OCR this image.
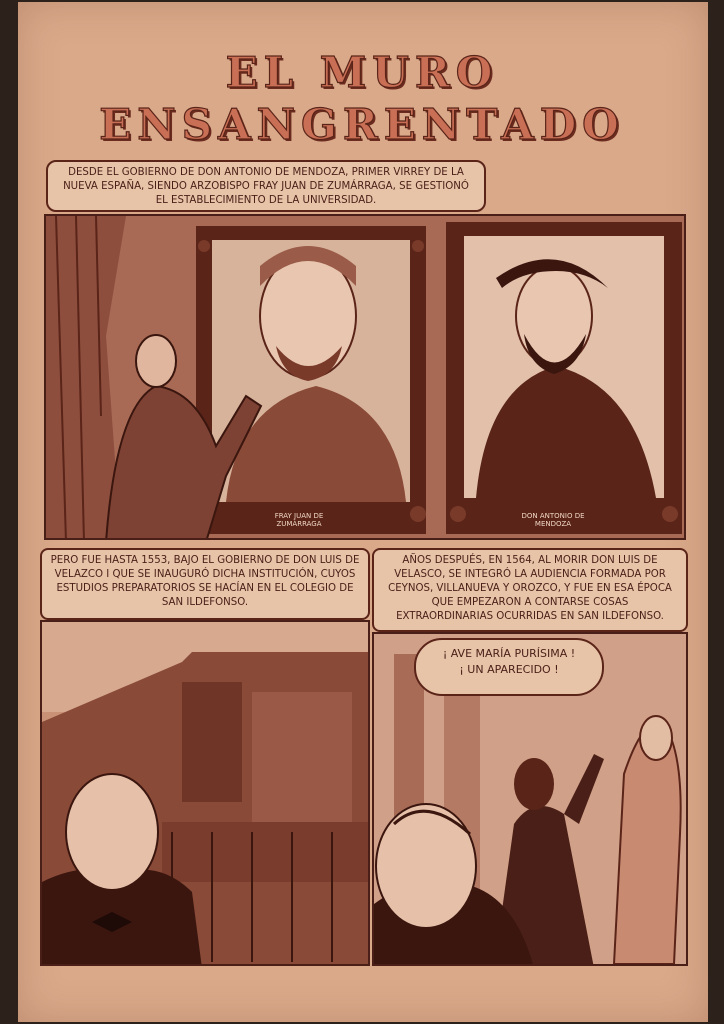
EL MURO
ENSANGRENTADO
DESDE EL GOBIERNO DE DON ANTONIO DE MENDOZA, PRIMER VIRREY DE LA NUEVA ESPAÑA, SIENDO ARZOBISPO FRAY JUAN DE ZUMÁRRAGA, SE GESTIONÓ EL ESTABLECIMIENTO DE LA UNIVERSIDAD.
FRAY JUAN DE ZUMÁRRAGA
DON ANTONIO DE MENDOZA
PERO FUE HASTA 1553, BAJO EL GOBIERNO DE DON LUIS DE VELAZCO I QUE SE INAUGURÓ DICHA INSTITUCIÓN, CUYOS ESTUDIOS PREPARATORIOS SE HACÍAN EN EL COLEGIO DE SAN ILDEFONSO.
AÑOS DESPUÉS, EN 1564, AL MORIR DON LUIS DE VELASCO, SE INTEGRÓ LA AUDIENCIA FORMADA POR CEYNOS, VILLANUEVA Y OROZCO, Y FUE EN ESA ÉPOCA QUE EMPEZARON A CONTARSE COSAS EXTRAORDINARIAS OCURRIDAS EN SAN ILDEFONSO.
¡ AVE MARÍA PURÍSIMA !
¡ UN APARECIDO !
